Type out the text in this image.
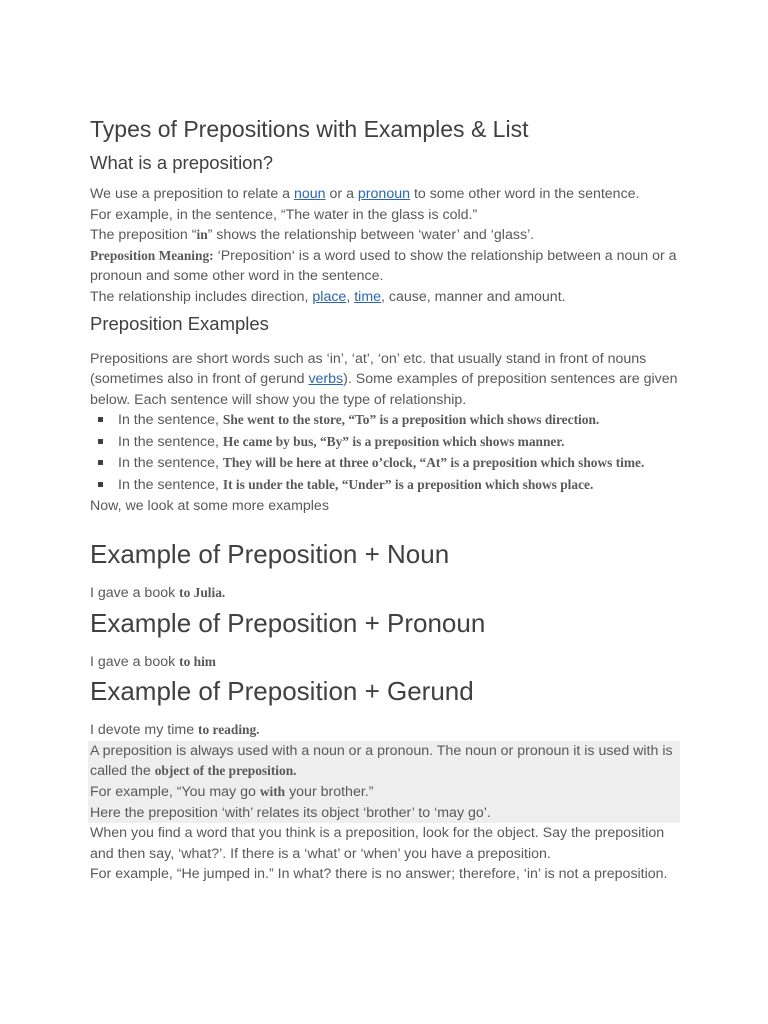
Types of Prepositions with Examples & List
What is a preposition?

We use a preposition to relate a noun or a pronoun to some other word in the sentence.

For example, in the sentence, “The water in the glass is cold.”

The preposition “in” shows the relationship between ‘water’ and ‘glass’.

Preposition Meaning: ‘Preposition‘ is a word used to show the relationship between a noun or a pronoun and some other word in the sentence.

The relationship includes direction, place, time, cause, manner and amount.

Preposition Examples

Prepositions are short words such as ‘in’, ‘at’, ‘on’ etc. that usually stand in front of nouns (sometimes also in front of gerund verbs). Some examples of preposition sentences are given below. Each sentence will show you the type of relationship.

In the sentence, She went to the store, “To” is a preposition which shows direction.
In the sentence, He came by bus, “By” is a preposition which shows manner.
In the sentence, They will be here at three o’clock, “At” is a preposition which shows time.
In the sentence, It is under the table, “Under” is a preposition which shows place.

Now, we look at some more examples

Example of Preposition + Noun

I gave a book to Julia.

Example of Preposition + Pronoun

I gave a book to him

Example of Preposition + Gerund

I devote my time to reading.

A preposition is always used with a noun or a pronoun. The noun or pronoun it is used with is called the object of the preposition.

For example, “You may go with your brother.”

Here the preposition ‘with’ relates its object ‘brother’ to ‘may go’.

When you find a word that you think is a preposition, look for the object. Say the preposition and then say, ‘what?’. If there is a ‘what’ or ‘when’ you have a preposition.

For example, “He jumped in.” In what? there is no answer; therefore, ‘in’ is not a preposition.
